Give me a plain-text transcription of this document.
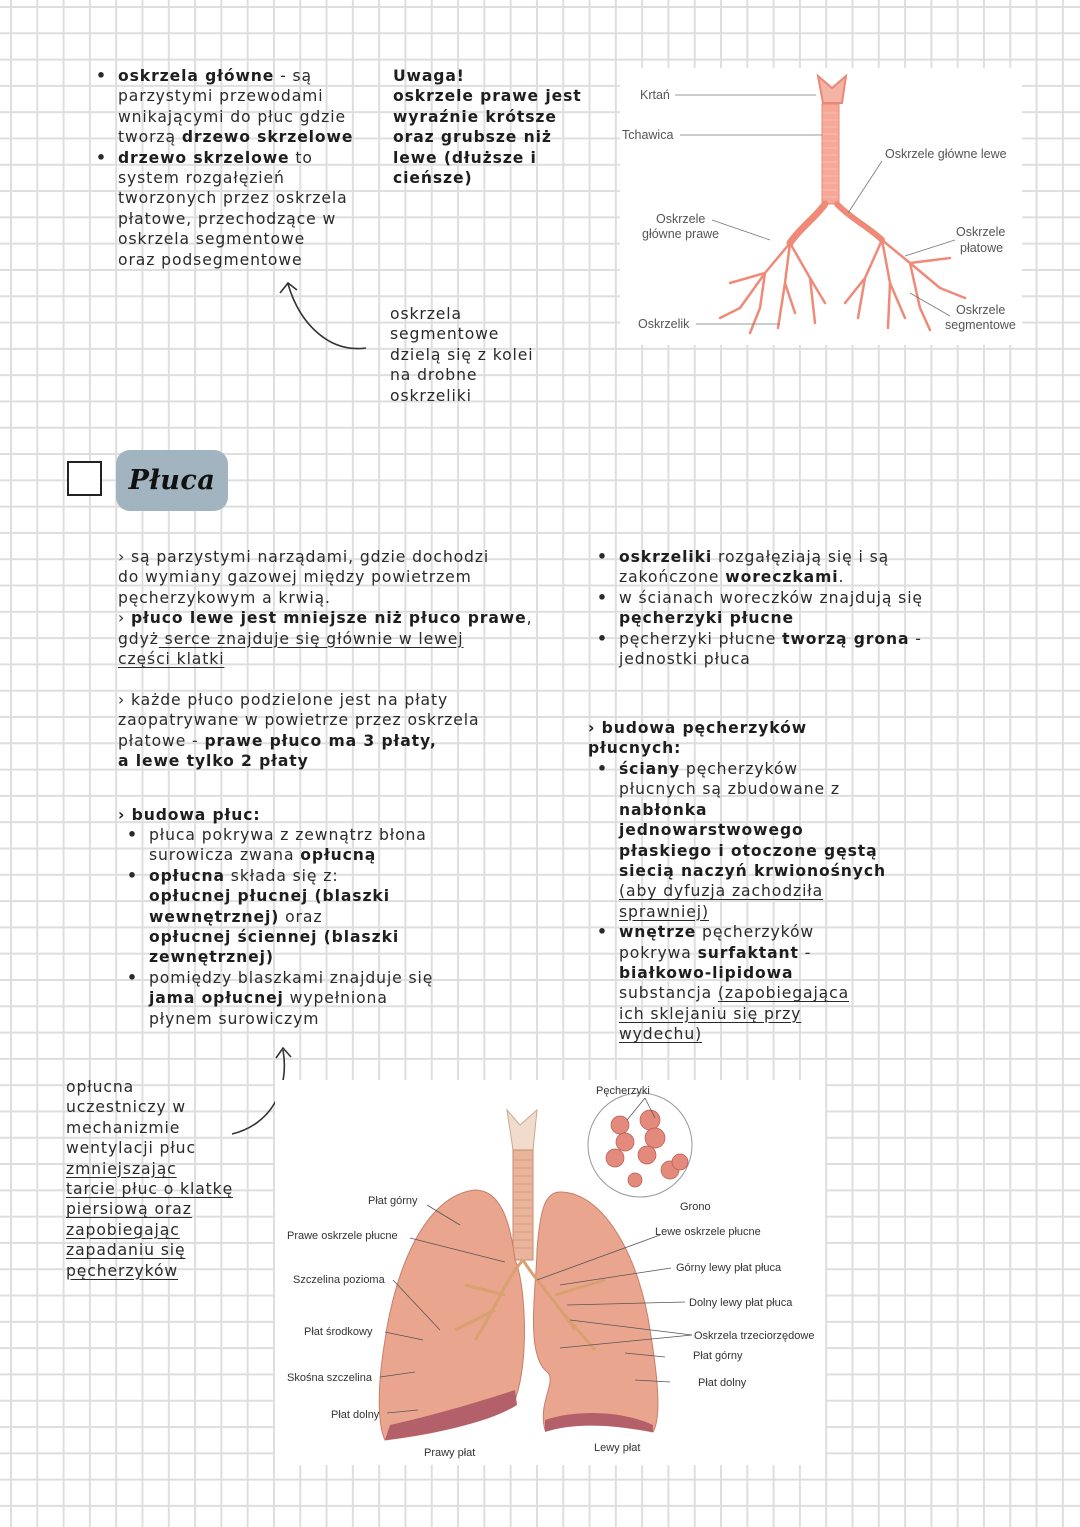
• oskrzela główne - są
parzystymi przewodami
wnikającymi do płuc gdzie
tworzą drzewo skrzelowe
• drzewo skrzelowe to
system rozgałęzień
tworzonych przez oskrzela
płatowe, przechodzące w
oskrzela segmentowe
oraz podsegmentowe
Uwaga!
oskrzele prawe jest
wyraźnie krótsze
oraz grubsze niż
lewe (dłuższe i
cieńsze)
oskrzela
segmentowe
dzielą się z kolei
na drobne
oskrzeliki
Krtań
Tchawica
Oskrzele główne lewe
Oskrzele
główne prawe	Oskrzele
płatowe
Oskrzelik
Oskrzele
segmentowe
Płuca
› są parzystymi narządami, gdzie dochodzi
do wymiany gazowej między powietrzem
pęcherzykowym a krwią.
› płuco lewe jest mniejsze niż płuco prawe,
gdyż serce znajduje się głównie w lewej
części klatki
› każde płuco podzielone jest na płaty
zaopatrywane w powietrze przez oskrzela
płatowe - prawe płuco ma 3 płaty,
a lewe tylko 2 płaty
› budowa płuc:
• płuca pokrywa z zewnątrz błona
surowicza zwana opłucną
• opłucna składa się z:
opłucnej płucnej (blaszki
wewnętrznej) oraz
opłucnej ściennej (blaszki
zewnętrznej)
• pomiędzy blaszkami znajduje się
jama opłucnej wypełniona
płynem surowiczym
• oskrzeliki rozgałęziają się i są
zakończone woreczkami.
• w ścianach woreczków znajdują się
pęcherzyki płucne
• pęcherzyki płucne tworzą grona -
jednostki płuca
› budowa pęcherzyków
płucnych:
• ściany pęcherzyków
płucnych są zbudowane z
nabłonka
jednowarstwowego
płaskiego i otoczone gęstą
siecią naczyń krwionośnych
(aby dyfuzja zachodziła
sprawniej)
• wnętrze pęcherzyków
pokrywa surfaktant -
białkowo-lipidowa
substancja (zapobiegająca
ich sklejaniu się przy
wydechu)
opłucna
uczestniczy w
mechanizmie
wentylacji płuc
zmniejszając
tarcie płuc o klatkę
piersiową oraz
zapobiegając
zapadaniu się
pęcherzyków
Pęcherzyki
Grono
Płat górny
Prawe oskrzele płucne
Szczelina pozioma
Płat środkowy
Skośna szczelina
Płat dolny
Prawy płat	Lewy płat
Lewe oskrzele płucne
Górny lewy płat płuca
Dolny lewy płat płuca
Oskrzela trzeciorzędowe
Płat górny
Płat dolny
